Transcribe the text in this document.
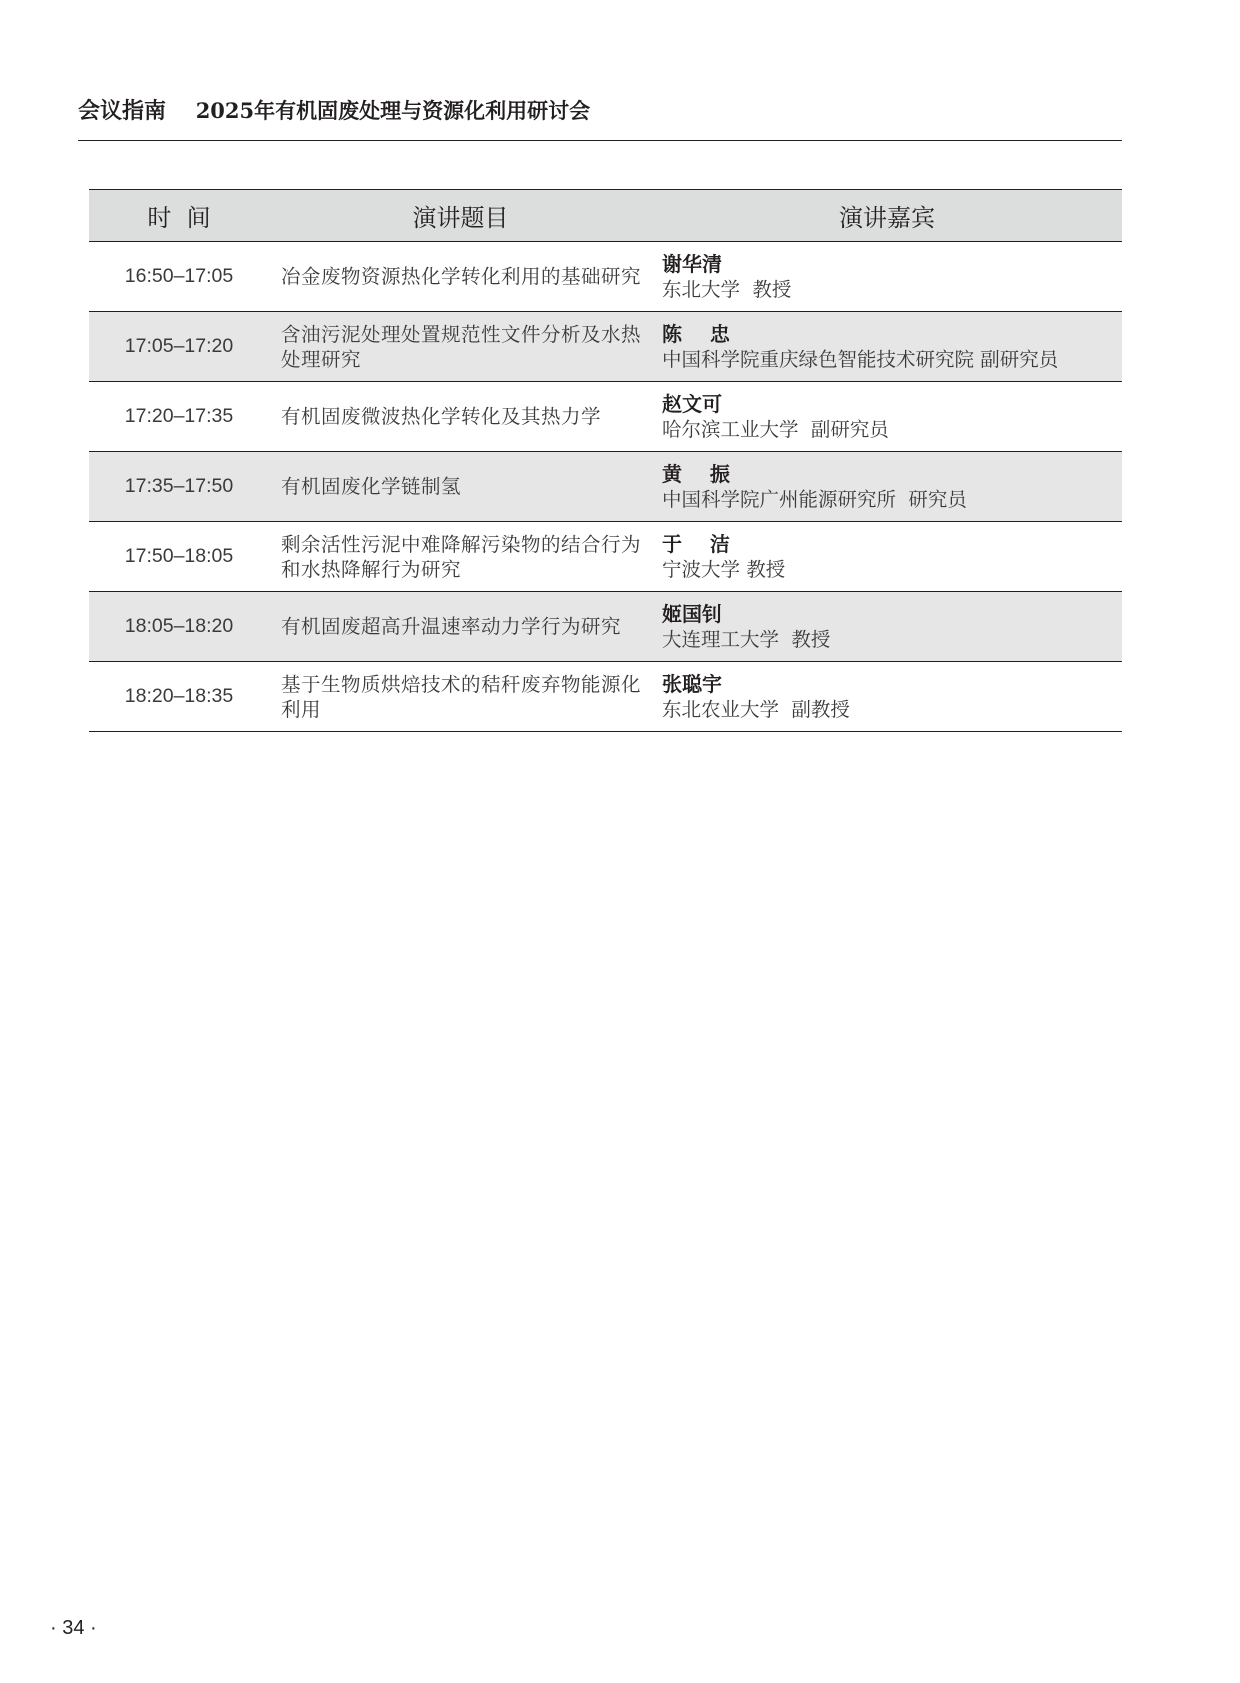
会议指南 2025年有机固废处理与资源化利用研讨会
时  间	演讲题目	演讲嘉宾
16:50–17:05	冶金废物资源热化学转化利用的基础研究	谢华清
东北大学  教授

17:05–17:20	含油污泥处理处置规范性文件分析及水热处理研究	陈    忠
中国科学院重庆绿色智能技术研究院 副研究员

17:20–17:35	有机固废微波热化学转化及其热力学	赵文可
哈尔滨工业大学  副研究员

17:35–17:50	有机固废化学链制氢	黄    振
中国科学院广州能源研究所  研究员

17:50–18:05	剩余活性污泥中难降解污染物的结合行为和水热降解行为研究	于    洁
宁波大学 教授

18:05–18:20	有机固废超高升温速率动力学行为研究	姬国钊
大连理工大学  教授

18:20–18:35	基于生物质烘焙技术的秸秆废弃物能源化利用	张聪宇
东北农业大学  副教授
· 34 ·
